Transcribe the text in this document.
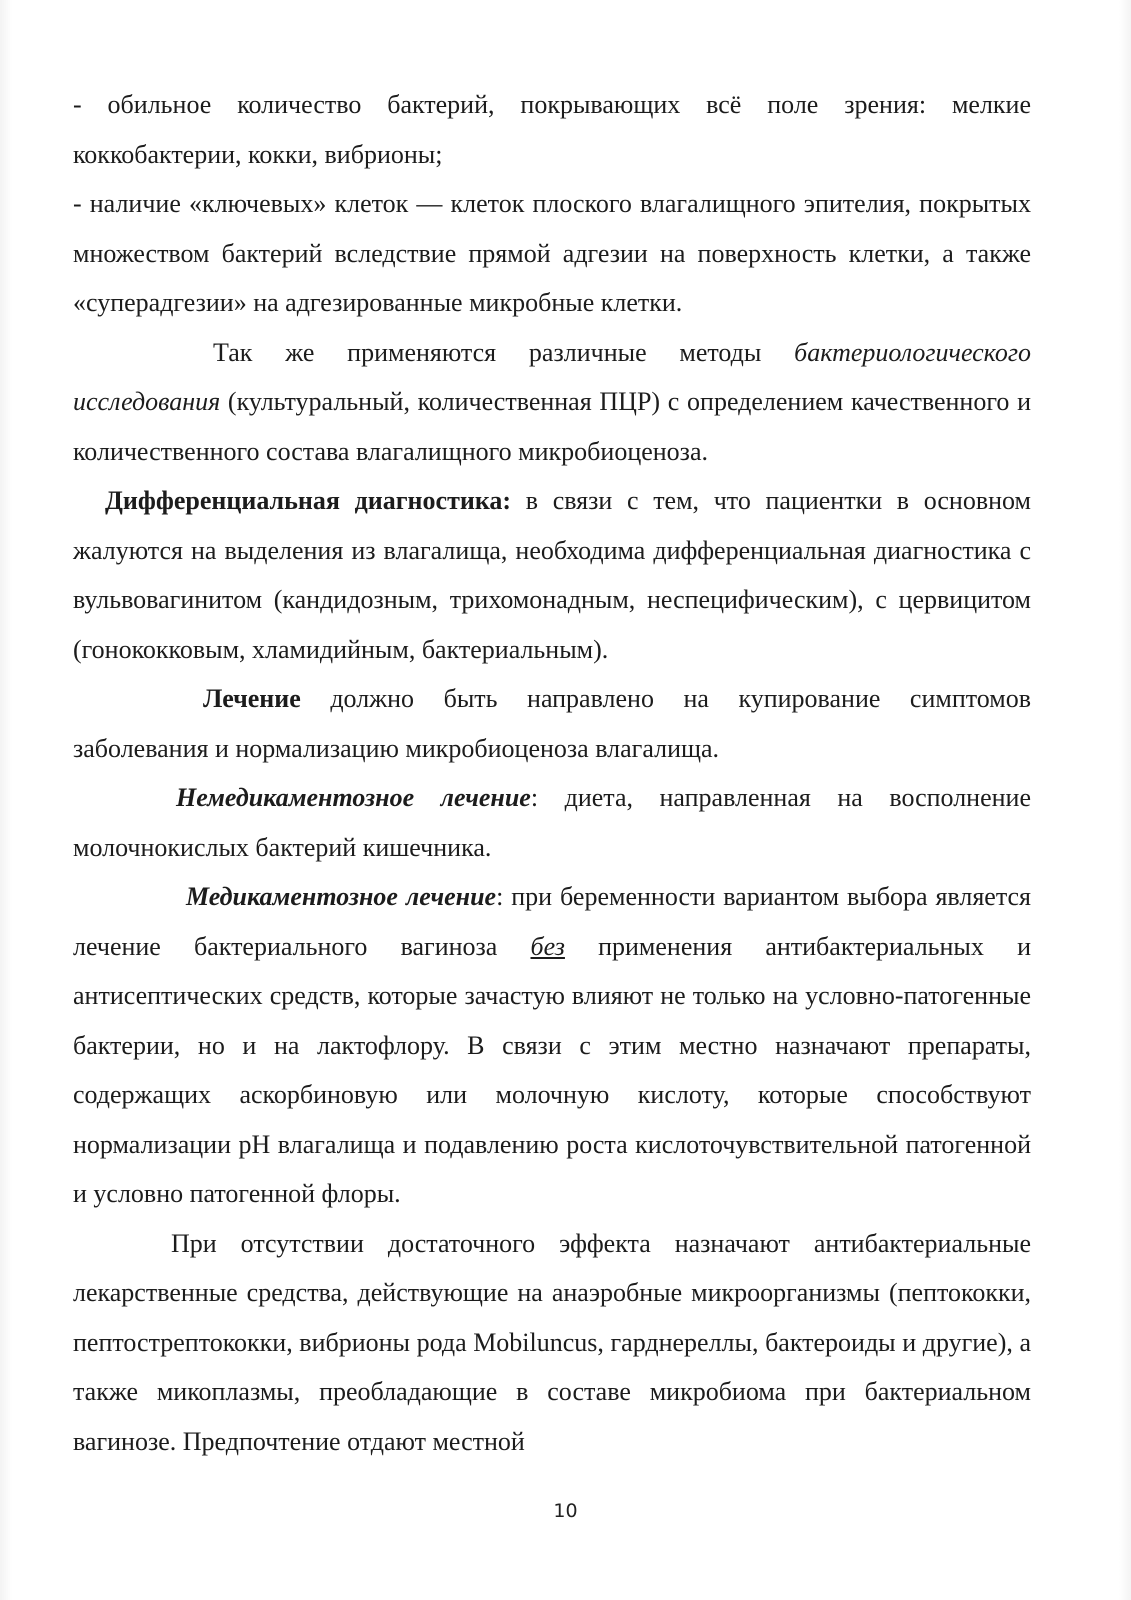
- обильное количество бактерий, покрывающих всё поле зрения: мелкие коккобактерии, кокки, вибрионы;

- наличие «ключевых» клеток — клеток плоского влагалищного эпителия, покрытых множеством бактерий вследствие прямой адгезии на поверхность клетки, а также «суперадгезии» на адгезированные микробные клетки.

Так же применяются различные методы бактериологического исследования (культуральный, количественная ПЦР) с определением качественного и количественного состава влагалищного микробиоценоза.

Дифференциальная диагностика: в связи с тем, что пациентки в основном жалуются на выделения из влагалища, необходима дифференциальная диагностика с вульвовагинитом (кандидозным, трихомонадным, неспецифическим), с цервицитом (гонококковым, хламидийным, бактериальным).

Лечение должно быть направлено на купирование симптомов заболевания и нормализацию микробиоценоза влагалища.

Немедикаментозное лечение: диета, направленная на восполнение молочнокислых бактерий кишечника.

Медикаментозное лечение: при беременности вариантом выбора является лечение бактериального вагиноза без применения антибактериальных и антисептических средств, которые зачастую влияют не только на условно-патогенные бактерии, но и на лактофлору. В связи с этим местно назначают препараты, содержащих аскорбиновую или молочную кислоту, которые способствуют нормализации pH влагалища и подавлению роста кислоточувствительной патогенной и условно патогенной флоры.

При отсутствии достаточного эффекта назначают антибактериальные лекарственные средства, действующие на анаэробные микроорганизмы (пептококки, пептострептококки, вибрионы рода Mobiluncus, гарднереллы, бактероиды и другие), а также микоплазмы, преобладающие в составе микробиома при бактериальном вагинозе. Предпочтение отдают местной

10
